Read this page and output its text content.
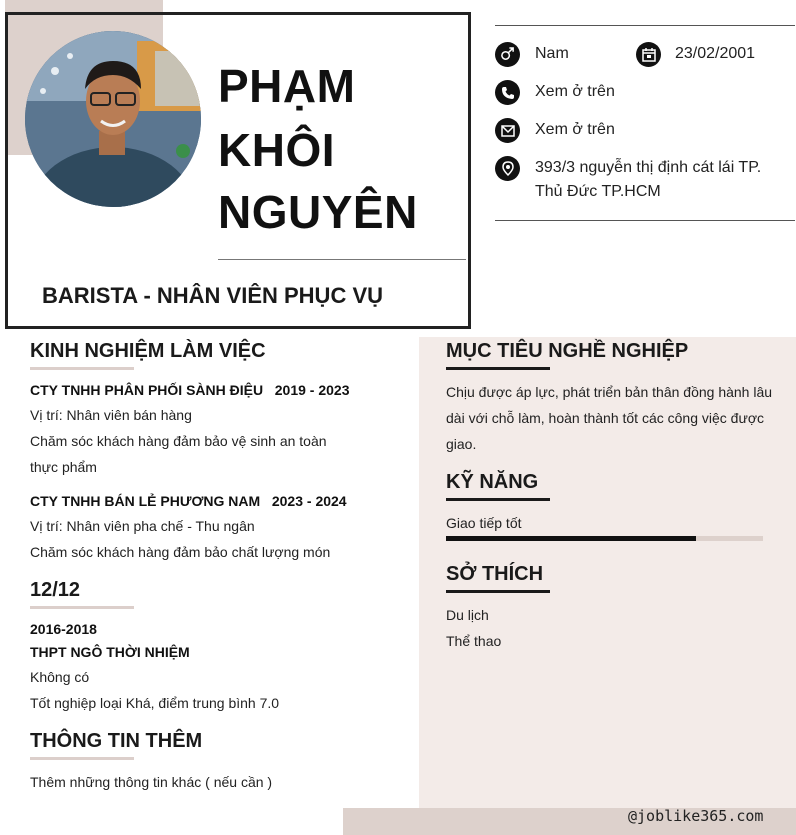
PHẠM
KHÔI
NGUYÊN
BARISTA - NHÂN VIÊN PHỤC VỤ
Nam	23/02/2001
Xem ở trên
Xem ở trên
393/3 nguyễn thị định cát lái TP.
Thủ Đức TP.HCM
KINH NGHIỆM LÀM VIỆC
CTY TNHH PHÂN PHỐI SÀNH ĐIỆU 2019 - 2023
Vị trí: Nhân viên bán hàng
Chăm sóc khách hàng đảm bảo vệ sinh an toàn
thực phẩm
CTY TNHH BÁN LẺ PHƯƠNG NAM 2023 - 2024
Vị trí: Nhân viên pha chế - Thu ngân
Chăm sóc khách hàng đảm bảo chất lượng món
12/12
2016-2018
THPT NGÔ THỜI NHIỆM
Không có
Tốt nghiệp loại Khá, điểm trung bình 7.0
THÔNG TIN THÊM
Thêm những thông tin khác ( nếu cần )
MỤC TIÊU NGHỀ NGHIỆP
Chịu được áp lực, phát triển bản thân đồng hành lâu
dài với chỗ làm, hoàn thành tốt các công việc được
giao.
KỸ NĂNG
Giao tiếp tốt
SỞ THÍCH
Du lịch
Thể thao
@joblike365.com
